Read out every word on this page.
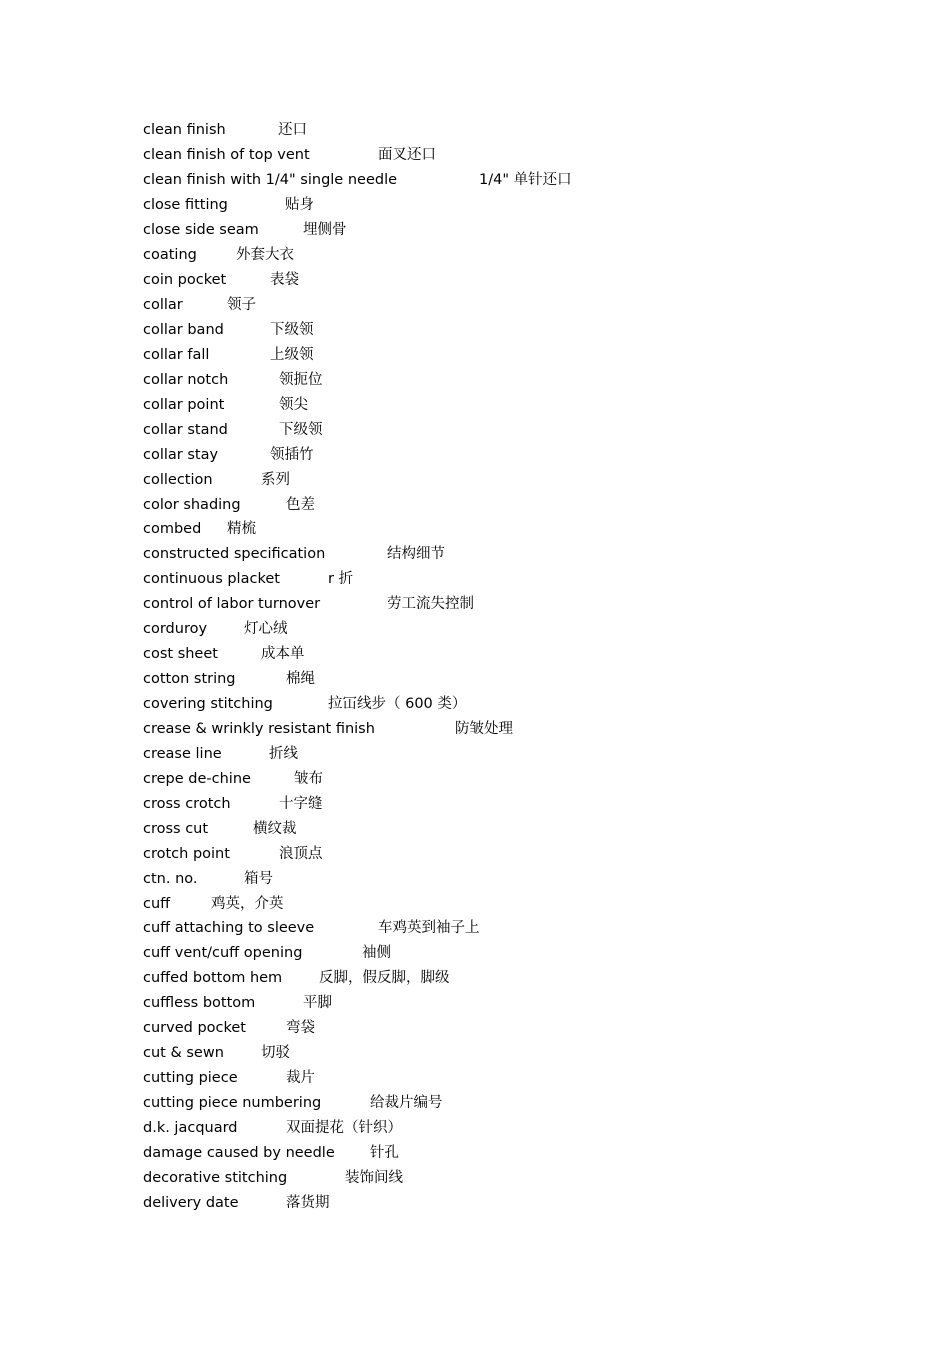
clean finish	还口
clean finish of top vent	面叉还口
clean finish with 1/4" single needle	1/4" 单针还口
close fitting	贴身
close side seam	埋侧骨
coating	外套大衣
coin pocket	表袋
collar	领子
collar band	下级领
collar fall	上级领
collar notch	领扼位
collar point	领尖
collar stand	下级领
collar stay	领插竹
collection	系列
color shading	色差
combed	精梳
constructed specification	结构细节
continuous placket	r 折
control of labor turnover	劳工流失控制
corduroy	灯心绒
cost sheet	成本单
cotton string	棉绳
covering stitching	拉冚线步（ 600 类）
crease & wrinkly resistant finish	防皱处理
crease line	折线
crepe de-chine	皱布
cross crotch	十字缝
cross cut	横纹裁
crotch point	浪顶点
ctn. no.	箱号
cuff	鸡英，介英
cuff attaching to sleeve	车鸡英到袖子上
cuff vent/cuff opening	袖侧
cuffed bottom hem	反脚，假反脚，脚级
cuffless bottom	平脚
curved pocket	弯袋
cut & sewn	切驳
cutting piece	裁片
cutting piece numbering	给裁片编号
d.k. jacquard	双面提花（针织）
damage caused by needle	针孔
decorative stitching	装饰间线
delivery date	落货期
